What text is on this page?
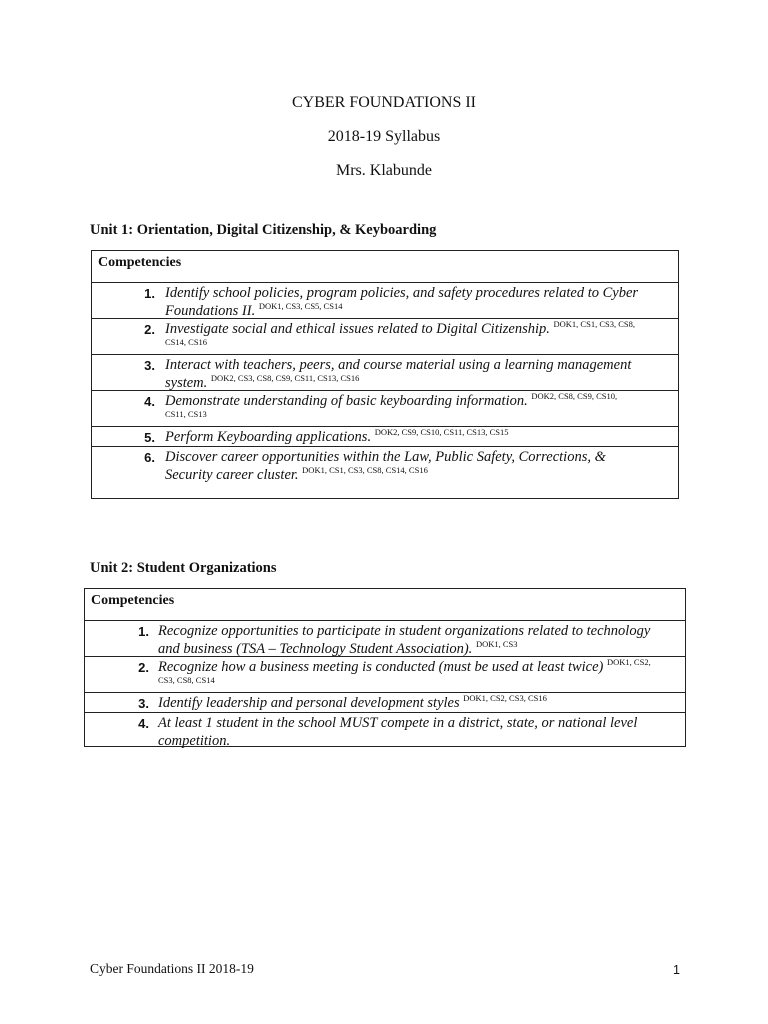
CYBER FOUNDATIONS II
2018-19 Syllabus
Mrs. Klabunde
Unit 1: Orientation, Digital Citizenship, & Keyboarding
Competencies
1. Identify school policies, program policies, and safety procedures related to Cyber
Foundations II. $^{DOK1, CS3, CS5, CS14}$
2. Investigate social and ethical issues related to Digital Citizenship. $^{DOK1, CS1, CS3, CS8,}$
$^{CS14, CS16}$
3. Interact with teachers, peers, and course material using a learning management
system. $^{DOK2, CS3, CS8, CS9, CS11, CS13, CS16}$
4. Demonstrate understanding of basic keyboarding information. $^{DOK2, CS8, CS9, CS10,}$
$^{CS11, CS13}$
5. Perform Keyboarding applications. $^{DOK2, CS9, CS10, CS11, CS13, CS15}$
6. Discover career opportunities within the Law, Public Safety, Corrections, &
Security career cluster. $^{DOK1, CS1, CS3, CS8, CS14, CS16}$
Unit 2: Student Organizations
Competencies
1. Recognize opportunities to participate in student organizations related to technology
and business (TSA – Technology Student Association). $^{DOK1, CS3}$
2. Recognize how a business meeting is conducted (must be used at least twice) $^{DOK1, CS2,}$
$^{CS3, CS8, CS14}$
3. Identify leadership and personal development styles $^{DOK1, CS2, CS3, CS16}$
4. At least 1 student in the school MUST compete in a district, state, or national level
competition.
Cyber Foundations II 2018-19	1
